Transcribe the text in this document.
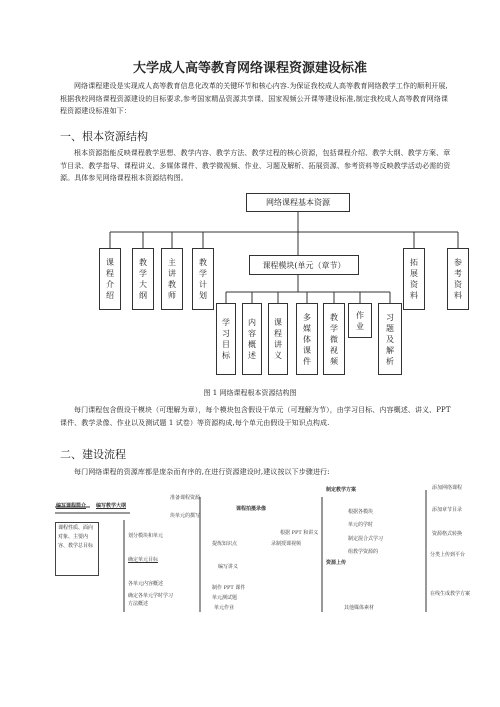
大学成人高等教育网络课程资源建设标准
网络课程建设是实现成人高等教育信息化改革的关键环节和核心内容.为保证我校成人高等教育网络教学工作的顺利开展,根据我校网络课程资源建设的目标要求,参考国家精品资源共享课、国家视频公开课等建设标准,制定我校成人高等教育网络课程资源建设标准如下：
一、根本资源结构
根本资源指能反映课程教学思想、教学内容、教学方法、教学过程的核心资源，包括课程介绍、教学大纲、教学方案、章节目录、教学指导、课程讲义、多媒体课件、教学微视频、作业、习题及解析、拓展资源、参考资料等反映教学活动必需的资源。具体参见网络课程根本资源结构图。
网络课程基本资源
课
程
介
绍
教
学
大
纲
主
讲
教
师
教
学
计
划
课程模块(单元（章节）	拓
展
资
料
参
考
资
料
学
习
目
标
内
容
概
述
课
程
讲
义
多
媒
体
课
件
教
学
微
视
频
作
业
习
题
及
解
析
图 1 网络课程根本资源结构图
每门课程包含假设干模块（可理解为章），每个模块包含假设干单元（可理解为节），由学习目标、内容概述、讲义、PPT 课件、教学录像、作业以及测试题 1 试卷）等资源构成,每个单元由假设干知识点构成.
二、建设流程
每门网络课程的资源库都是庞杂而有序的,在进行资源建设时,建议按以下步骤进行:
编写课程简介 编写教学大纲
课程性质、面向对象、主要内容、教学总目标
准备课程资源
块单元的撰写
划分模块和单元
确定单元目标
各单元内容概述
确定各单元学时学习方法概述
课程拍摄录像
提炼知识点
编写讲义
制作 PPT 课件
单元测试题
单元作业
根据 PPT 和讲义
录制授课视频
资源上传
制定教学方案
根据各模块
单元的学时
制定混合式学习
组教学资源的
其他媒体素材
添加网络课程
添加章节目录
资源格式转换
分类上传到平台
在线生成教学方案
